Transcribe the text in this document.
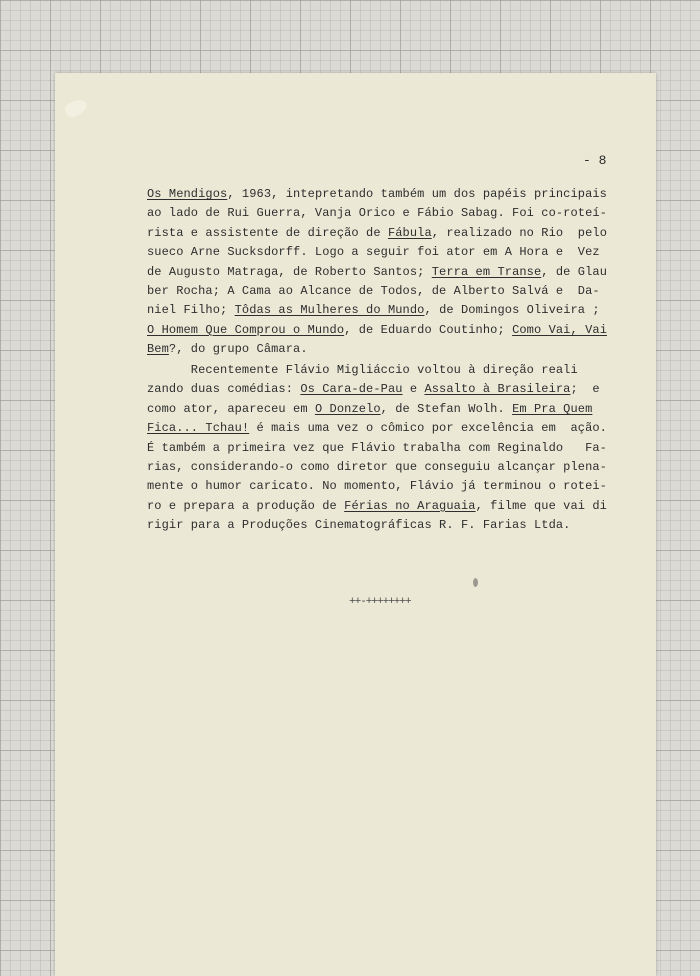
- 8
Os Mendigos, 1963, intepretando também um dos papéis principais
ao lado de Rui Guerra, Vanja Orico e Fábio Sabag. Foi co-roteí-
rista e assistente de direção de Fábula, realizado no Rio  pelo
sueco Arne Sucksdorff. Logo a seguir foi ator em A Hora e  Vez
de Augusto Matraga, de Roberto Santos; Terra em Transe, de Glau
ber Rocha; A Cama ao Alcance de Todos, de Alberto Salvá e  Da-
niel Filho; Tôdas as Mulheres do Mundo, de Domingos Oliveira ;
O Homem Que Comprou o Mundo, de Eduardo Coutinho; Como Vai, Vai
Bem?, do grupo Câmara.
Recentemente Flávio Migliáccio voltou à direção reali
zando duas comédias: Os Cara-de-Pau e Assalto à Brasileira;  e
como ator, apareceu em O Donzelo, de Stefan Wolh. Em Pra Quem
Fica... Tchau! é mais uma vez o cômico por excelência em  ação.
É também a primeira vez que Flávio trabalha com Reginaldo   Fa-
rias, considerando-o como diretor que conseguiu alcançar plena-
mente o humor caricato. No momento, Flávio já terminou o rotei-
ro e prepara a produção de Férias no Araguaia, filme que vai di
rigir para a Produções Cinematográficas R. F. Farias Ltda.
++-++++++++
